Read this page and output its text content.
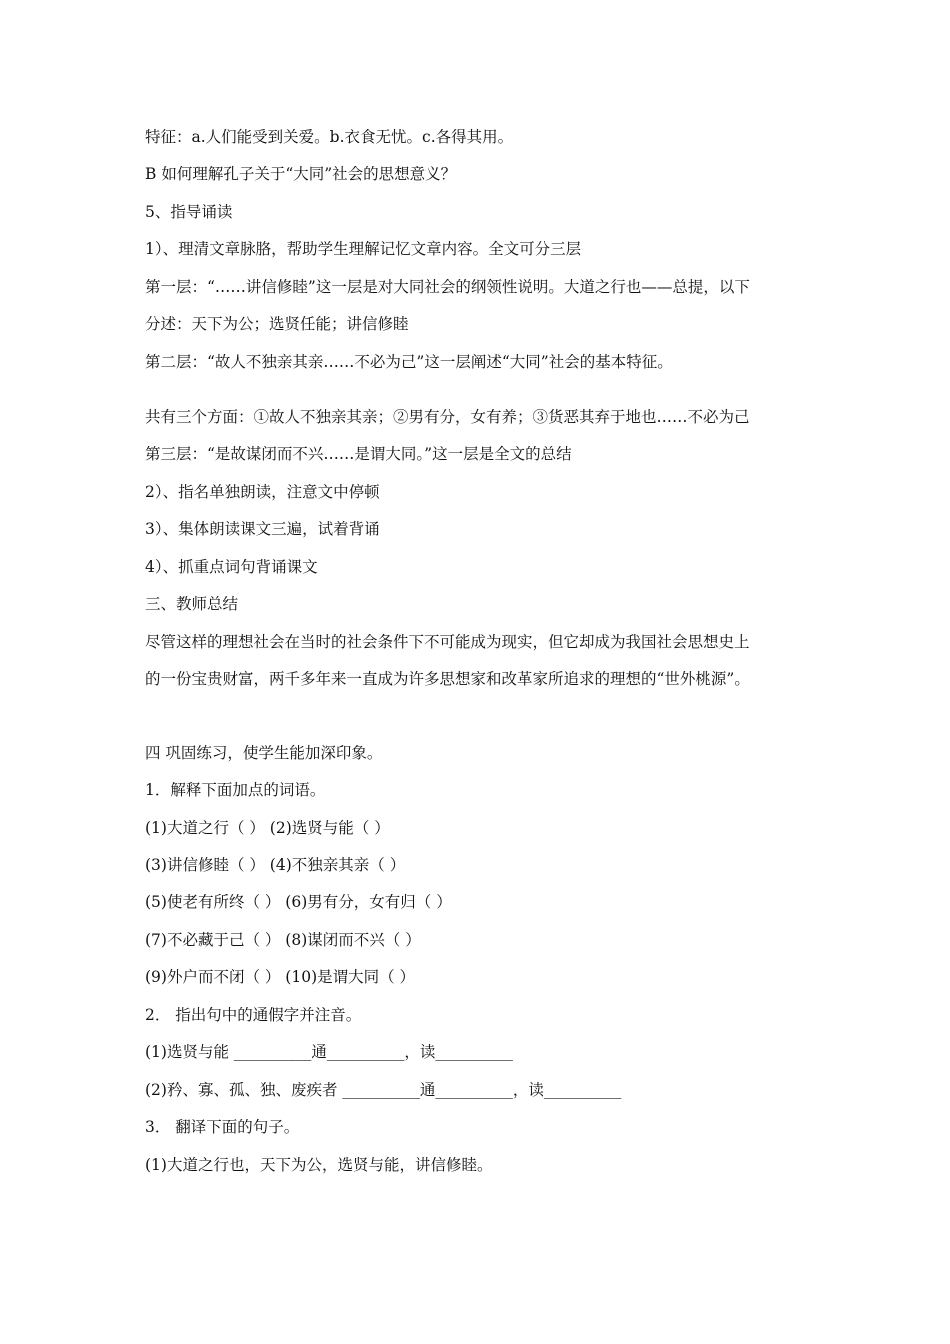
特征：a.人们能受到关爱。b.衣食无忧。c.各得其用。
B 如何理解孔子关于“大同”社会的思想意义？
5、指导诵读
1）、理清文章脉胳，帮助学生理解记忆文章内容。全文可分三层
第一层：“……讲信修睦”这一层是对大同社会的纲领性说明。大道之行也——总提，以下
分述：天下为公；选贤任能；讲信修睦
第二层：“故人不独亲其亲……不必为己”这一层阐述“大同”社会的基本特征。
共有三个方面：①故人不独亲其亲；②男有分，女有养；③货恶其弃于地也……不必为己
第三层：“是故谋闭而不兴……是谓大同。”这一层是全文的总结
2）、指名单独朗读，注意文中停顿
3）、集体朗读课文三遍，试着背诵
4）、抓重点词句背诵课文
三、教师总结
尽管这样的理想社会在当时的社会条件下不可能成为现实，但它却成为我国社会思想史上
的一份宝贵财富，两千多年来一直成为许多思想家和改革家所追求的理想的“世外桃源”。
四 巩固练习，使学生能加深印象。
1．解释下面加点的词语。
(1)大道之行（ ） (2)选贤与能（ ）
(3)讲信修睦（ ） (4)不独亲其亲（ ）
(5)使老有所终（ ） (6)男有分，女有归（ ）
(7)不必藏于己（ ） (8)谋闭而不兴（ ）
(9)外户而不闭（ ） (10)是谓大同（ ）
2． 指出句中的通假字并注音。
(1)选贤与能 __________通__________，读__________
(2)矜、寡、孤、独、废疾者 __________通__________，读__________
3． 翻译下面的句子。
(1)大道之行也，天下为公，选贤与能，讲信修睦。
